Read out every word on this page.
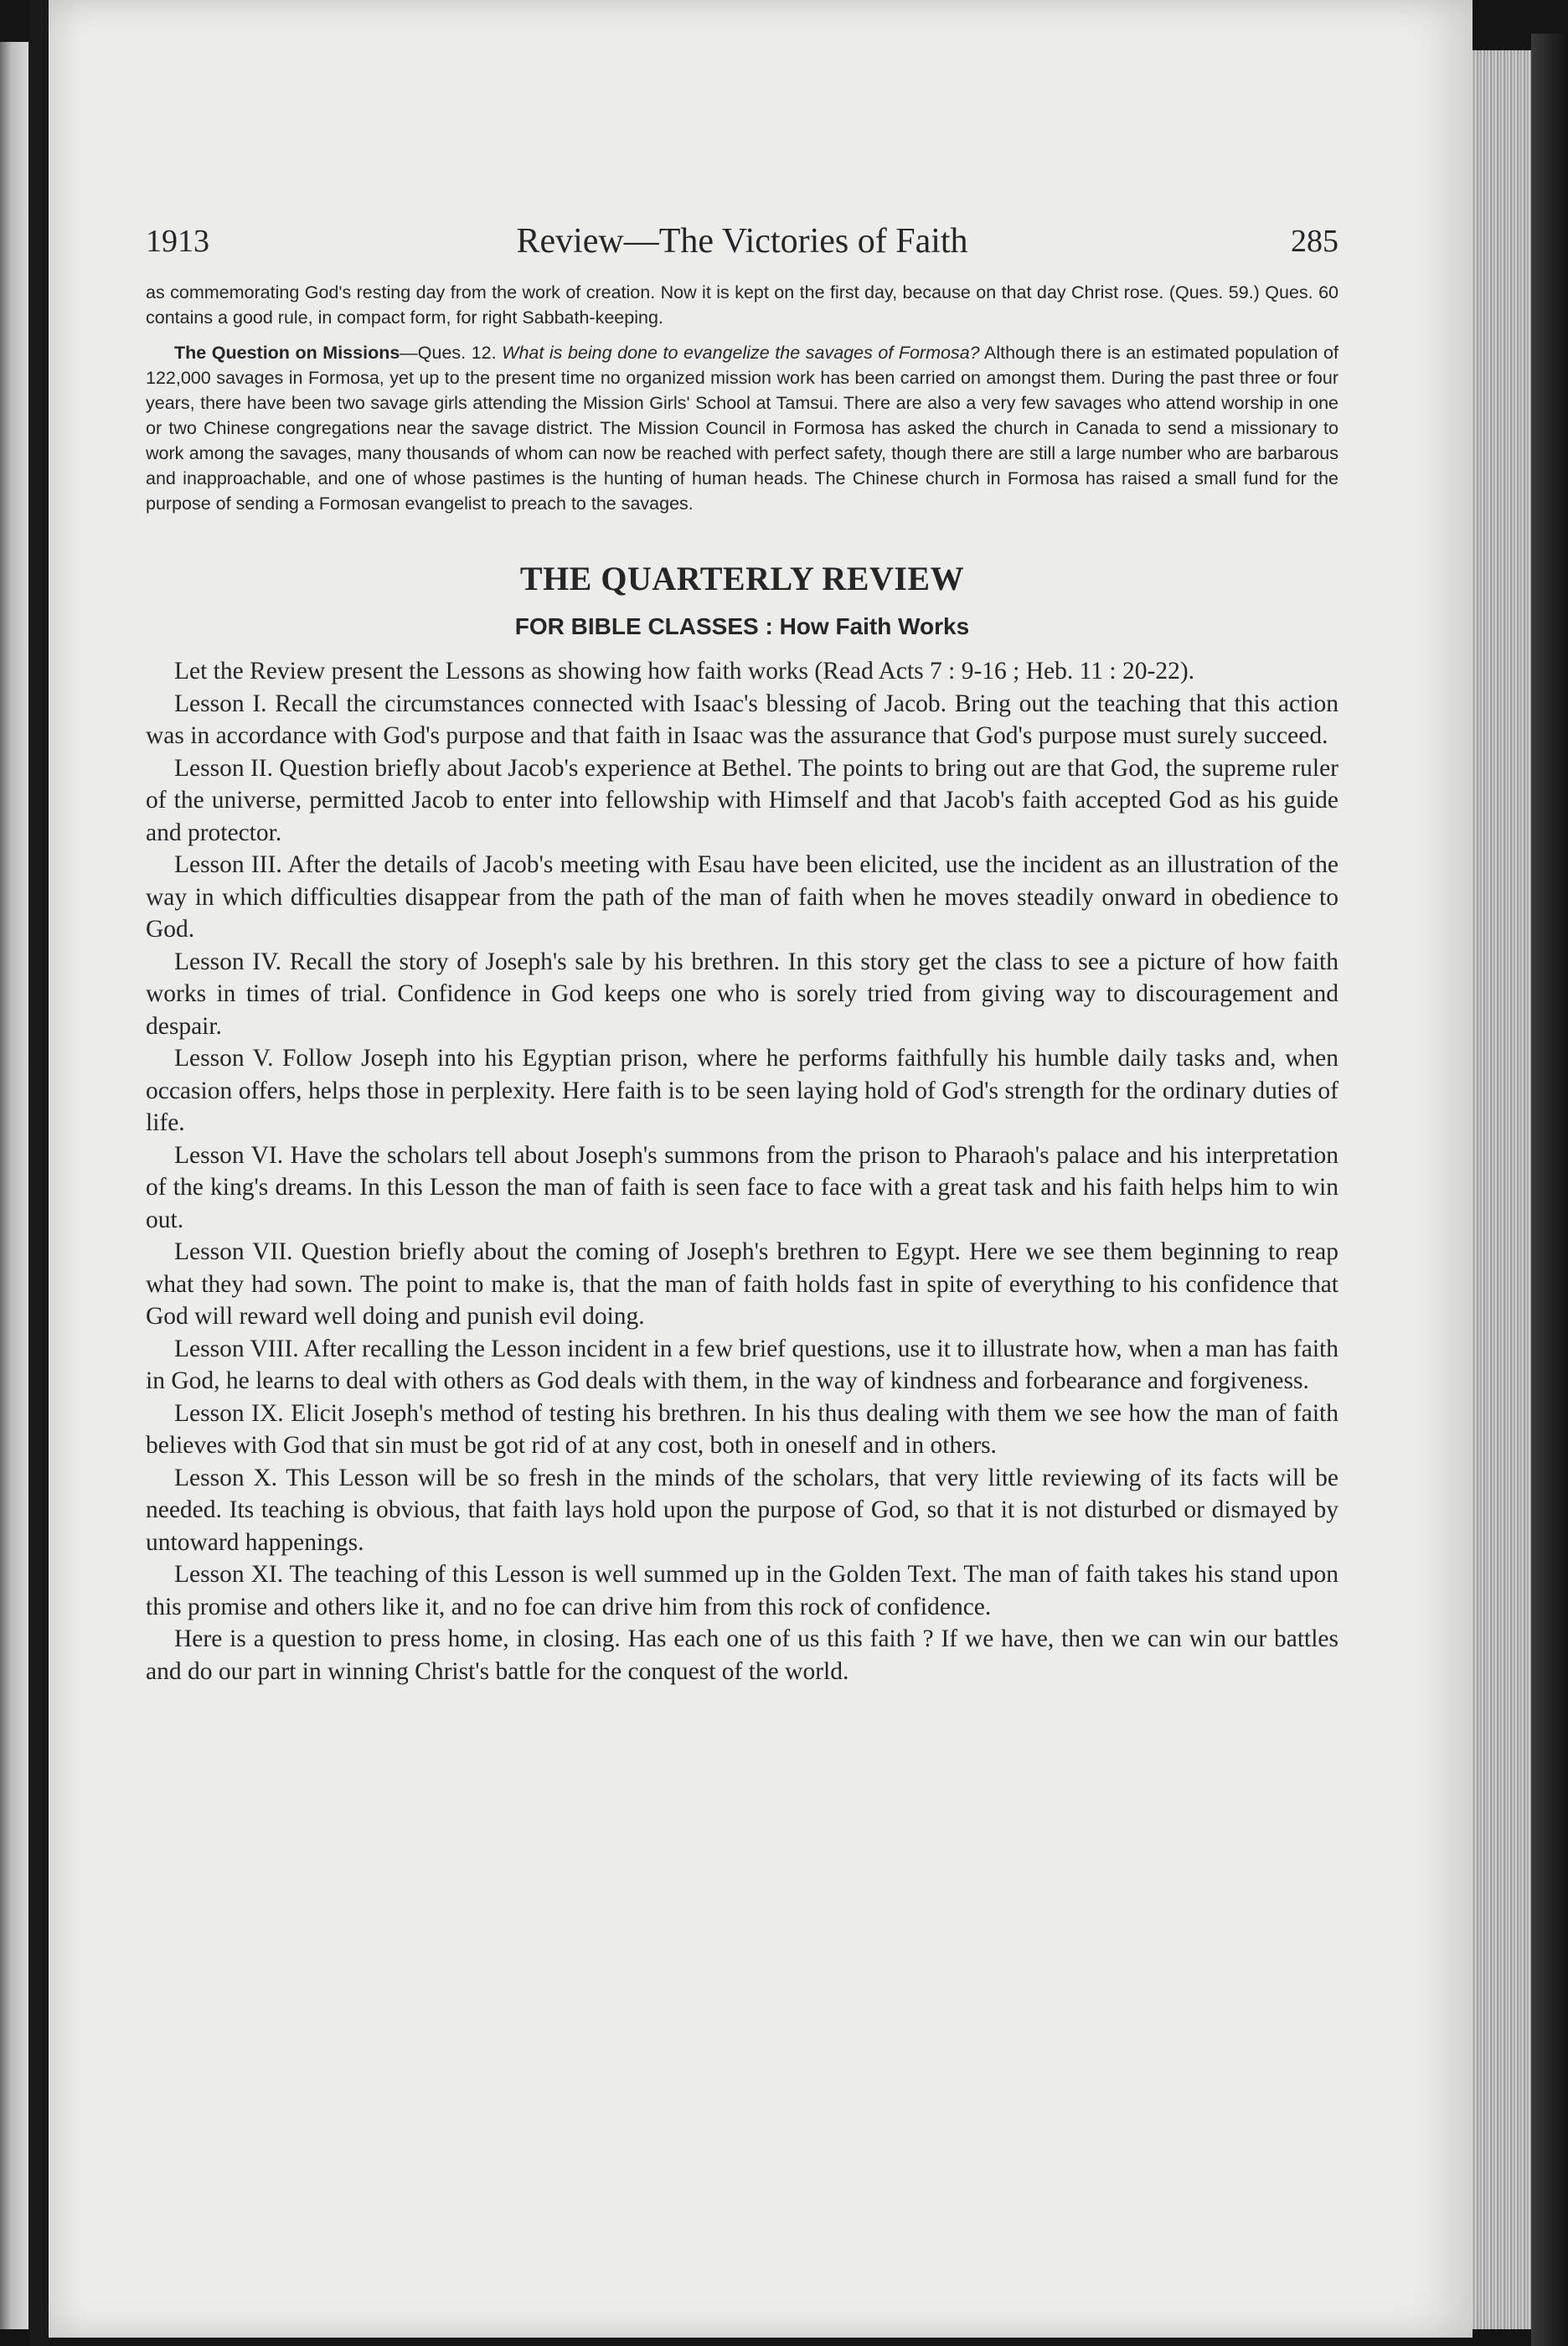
1913	Review—The Victories of Faith	285

as commemorating God's resting day from the work of creation. Now it is kept on the first day, because on that day Christ rose. (Ques. 59.) Ques. 60 contains a good rule, in compact form, for right Sabbath-keeping.

The Question on Missions—Ques. 12. What is being done to evangelize the savages of Formosa? Although there is an estimated population of 122,000 savages in Formosa, yet up to the present time no organized mission work has been carried on amongst them. During the past three or four years, there have been two savage girls attending the Mission Girls' School at Tamsui. There are also a very few savages who attend worship in one or two Chinese congregations near the savage district. The Mission Council in Formosa has asked the church in Canada to send a missionary to work among the savages, many thousands of whom can now be reached with perfect safety, though there are still a large number who are barbarous and inapproachable, and one of whose pastimes is the hunting of human heads. The Chinese church in Formosa has raised a small fund for the purpose of sending a Formosan evangelist to preach to the savages.

THE QUARTERLY REVIEW
FOR BIBLE CLASSES : How Faith Works

Let the Review present the Lessons as showing how faith works (Read Acts 7 : 9-16 ; Heb. 11 : 20-22).

Lesson I. Recall the circumstances connected with Isaac's blessing of Jacob. Bring out the teaching that this action was in accordance with God's purpose and that faith in Isaac was the assurance that God's purpose must surely succeed.

Lesson II. Question briefly about Jacob's experience at Bethel. The points to bring out are that God, the supreme ruler of the universe, permitted Jacob to enter into fellowship with Himself and that Jacob's faith accepted God as his guide and protector.

Lesson III. After the details of Jacob's meeting with Esau have been elicited, use the incident as an illustration of the way in which difficulties disappear from the path of the man of faith when he moves steadily onward in obedience to God.

Lesson IV. Recall the story of Joseph's sale by his brethren. In this story get the class to see a picture of how faith works in times of trial. Confidence in God keeps one who is sorely tried from giving way to discouragement and despair.

Lesson V. Follow Joseph into his Egyptian prison, where he performs faithfully his humble daily tasks and, when occasion offers, helps those in perplexity. Here faith is to be seen laying hold of God's strength for the ordinary duties of life.

Lesson VI. Have the scholars tell about Joseph's summons from the prison to Pharaoh's palace and his interpretation of the king's dreams. In this Lesson the man of faith is seen face to face with a great task and his faith helps him to win out.

Lesson VII. Question briefly about the coming of Joseph's brethren to Egypt. Here we see them beginning to reap what they had sown. The point to make is, that the man of faith holds fast in spite of everything to his confidence that God will reward well doing and punish evil doing.

Lesson VIII. After recalling the Lesson incident in a few brief questions, use it to illustrate how, when a man has faith in God, he learns to deal with others as God deals with them, in the way of kindness and forbearance and forgiveness.

Lesson IX. Elicit Joseph's method of testing his brethren. In his thus dealing with them we see how the man of faith believes with God that sin must be got rid of at any cost, both in oneself and in others.

Lesson X. This Lesson will be so fresh in the minds of the scholars, that very little reviewing of its facts will be needed. Its teaching is obvious, that faith lays hold upon the purpose of God, so that it is not disturbed or dismayed by untoward happenings.

Lesson XI. The teaching of this Lesson is well summed up in the Golden Text. The man of faith takes his stand upon this promise and others like it, and no foe can drive him from this rock of confidence.

Here is a question to press home, in closing. Has each one of us this faith ? If we have, then we can win our battles and do our part in winning Christ's battle for the conquest of the world.
